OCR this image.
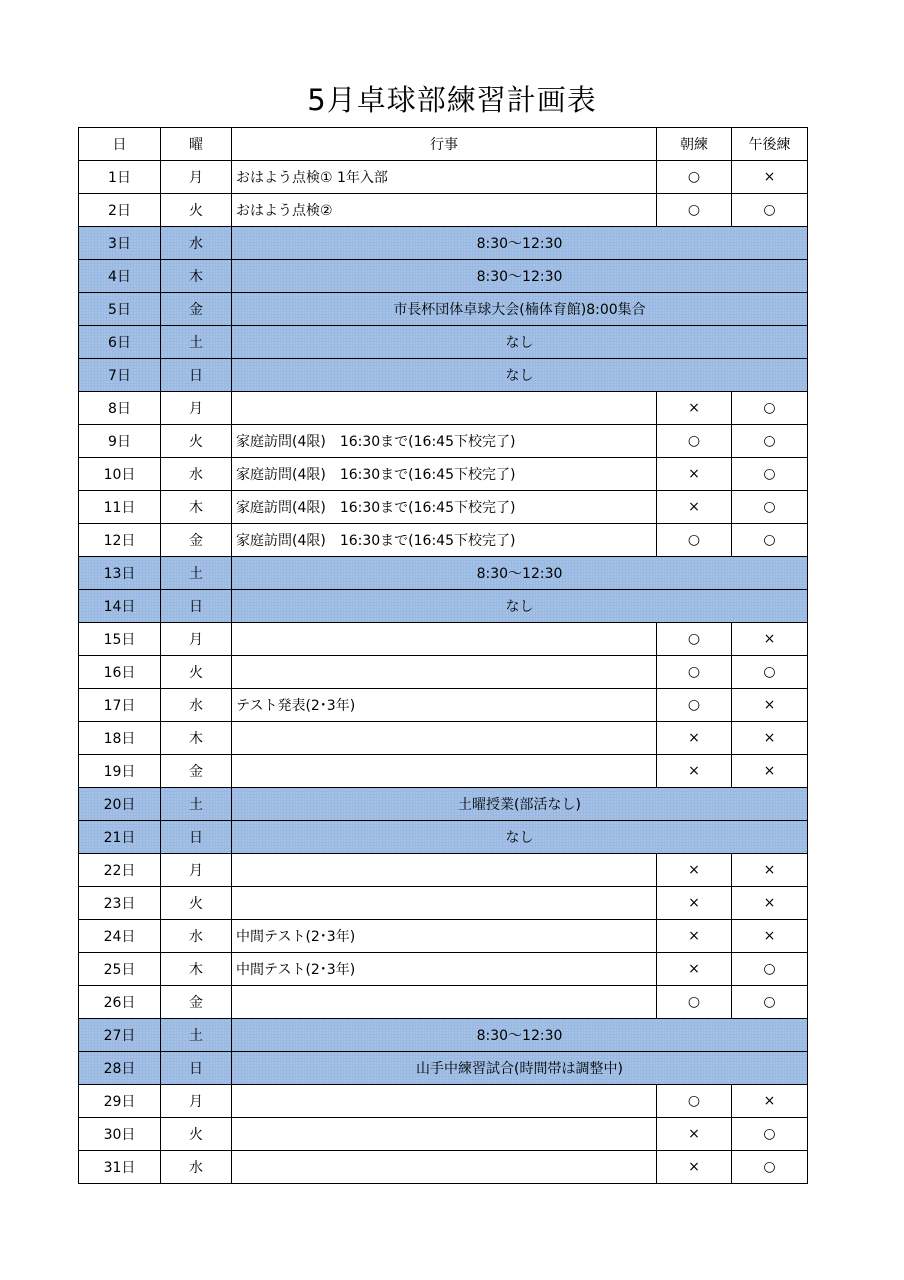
5月卓球部練習計画表
日	曜	行事	朝練	午後練
1日	月	おはよう点検① 1年入部	○	×
2日	火	おはよう点検②	○	○
3日	水	8:30～12:30		
4日	木	8:30～12:30		
5日	金	市長杯団体卓球大会(楠体育館)8:00集合		
6日	土	なし		
7日	日	なし		
8日	月		×	○
9日	火	家庭訪問(4限)　16:30まで(16:45下校完了)	○	○
10日	水	家庭訪問(4限)　16:30まで(16:45下校完了)	×	○
11日	木	家庭訪問(4限)　16:30まで(16:45下校完了)	×	○
12日	金	家庭訪問(4限)　16:30まで(16:45下校完了)	○	○
13日	土	8:30～12:30		
14日	日	なし		
15日	月		○	×
16日	火		○	○
17日	水	テスト発表(2･3年)	○	×
18日	木		×	×
19日	金		×	×
20日	土	土曜授業(部活なし)		
21日	日	なし		
22日	月		×	×
23日	火		×	×
24日	水	中間テスト(2･3年)	×	×
25日	木	中間テスト(2･3年)	×	○
26日	金		○	○
27日	土	8:30～12:30		
28日	日	山手中練習試合(時間帯は調整中)		
29日	月		○	×
30日	火		×	○
31日	水		×	○
